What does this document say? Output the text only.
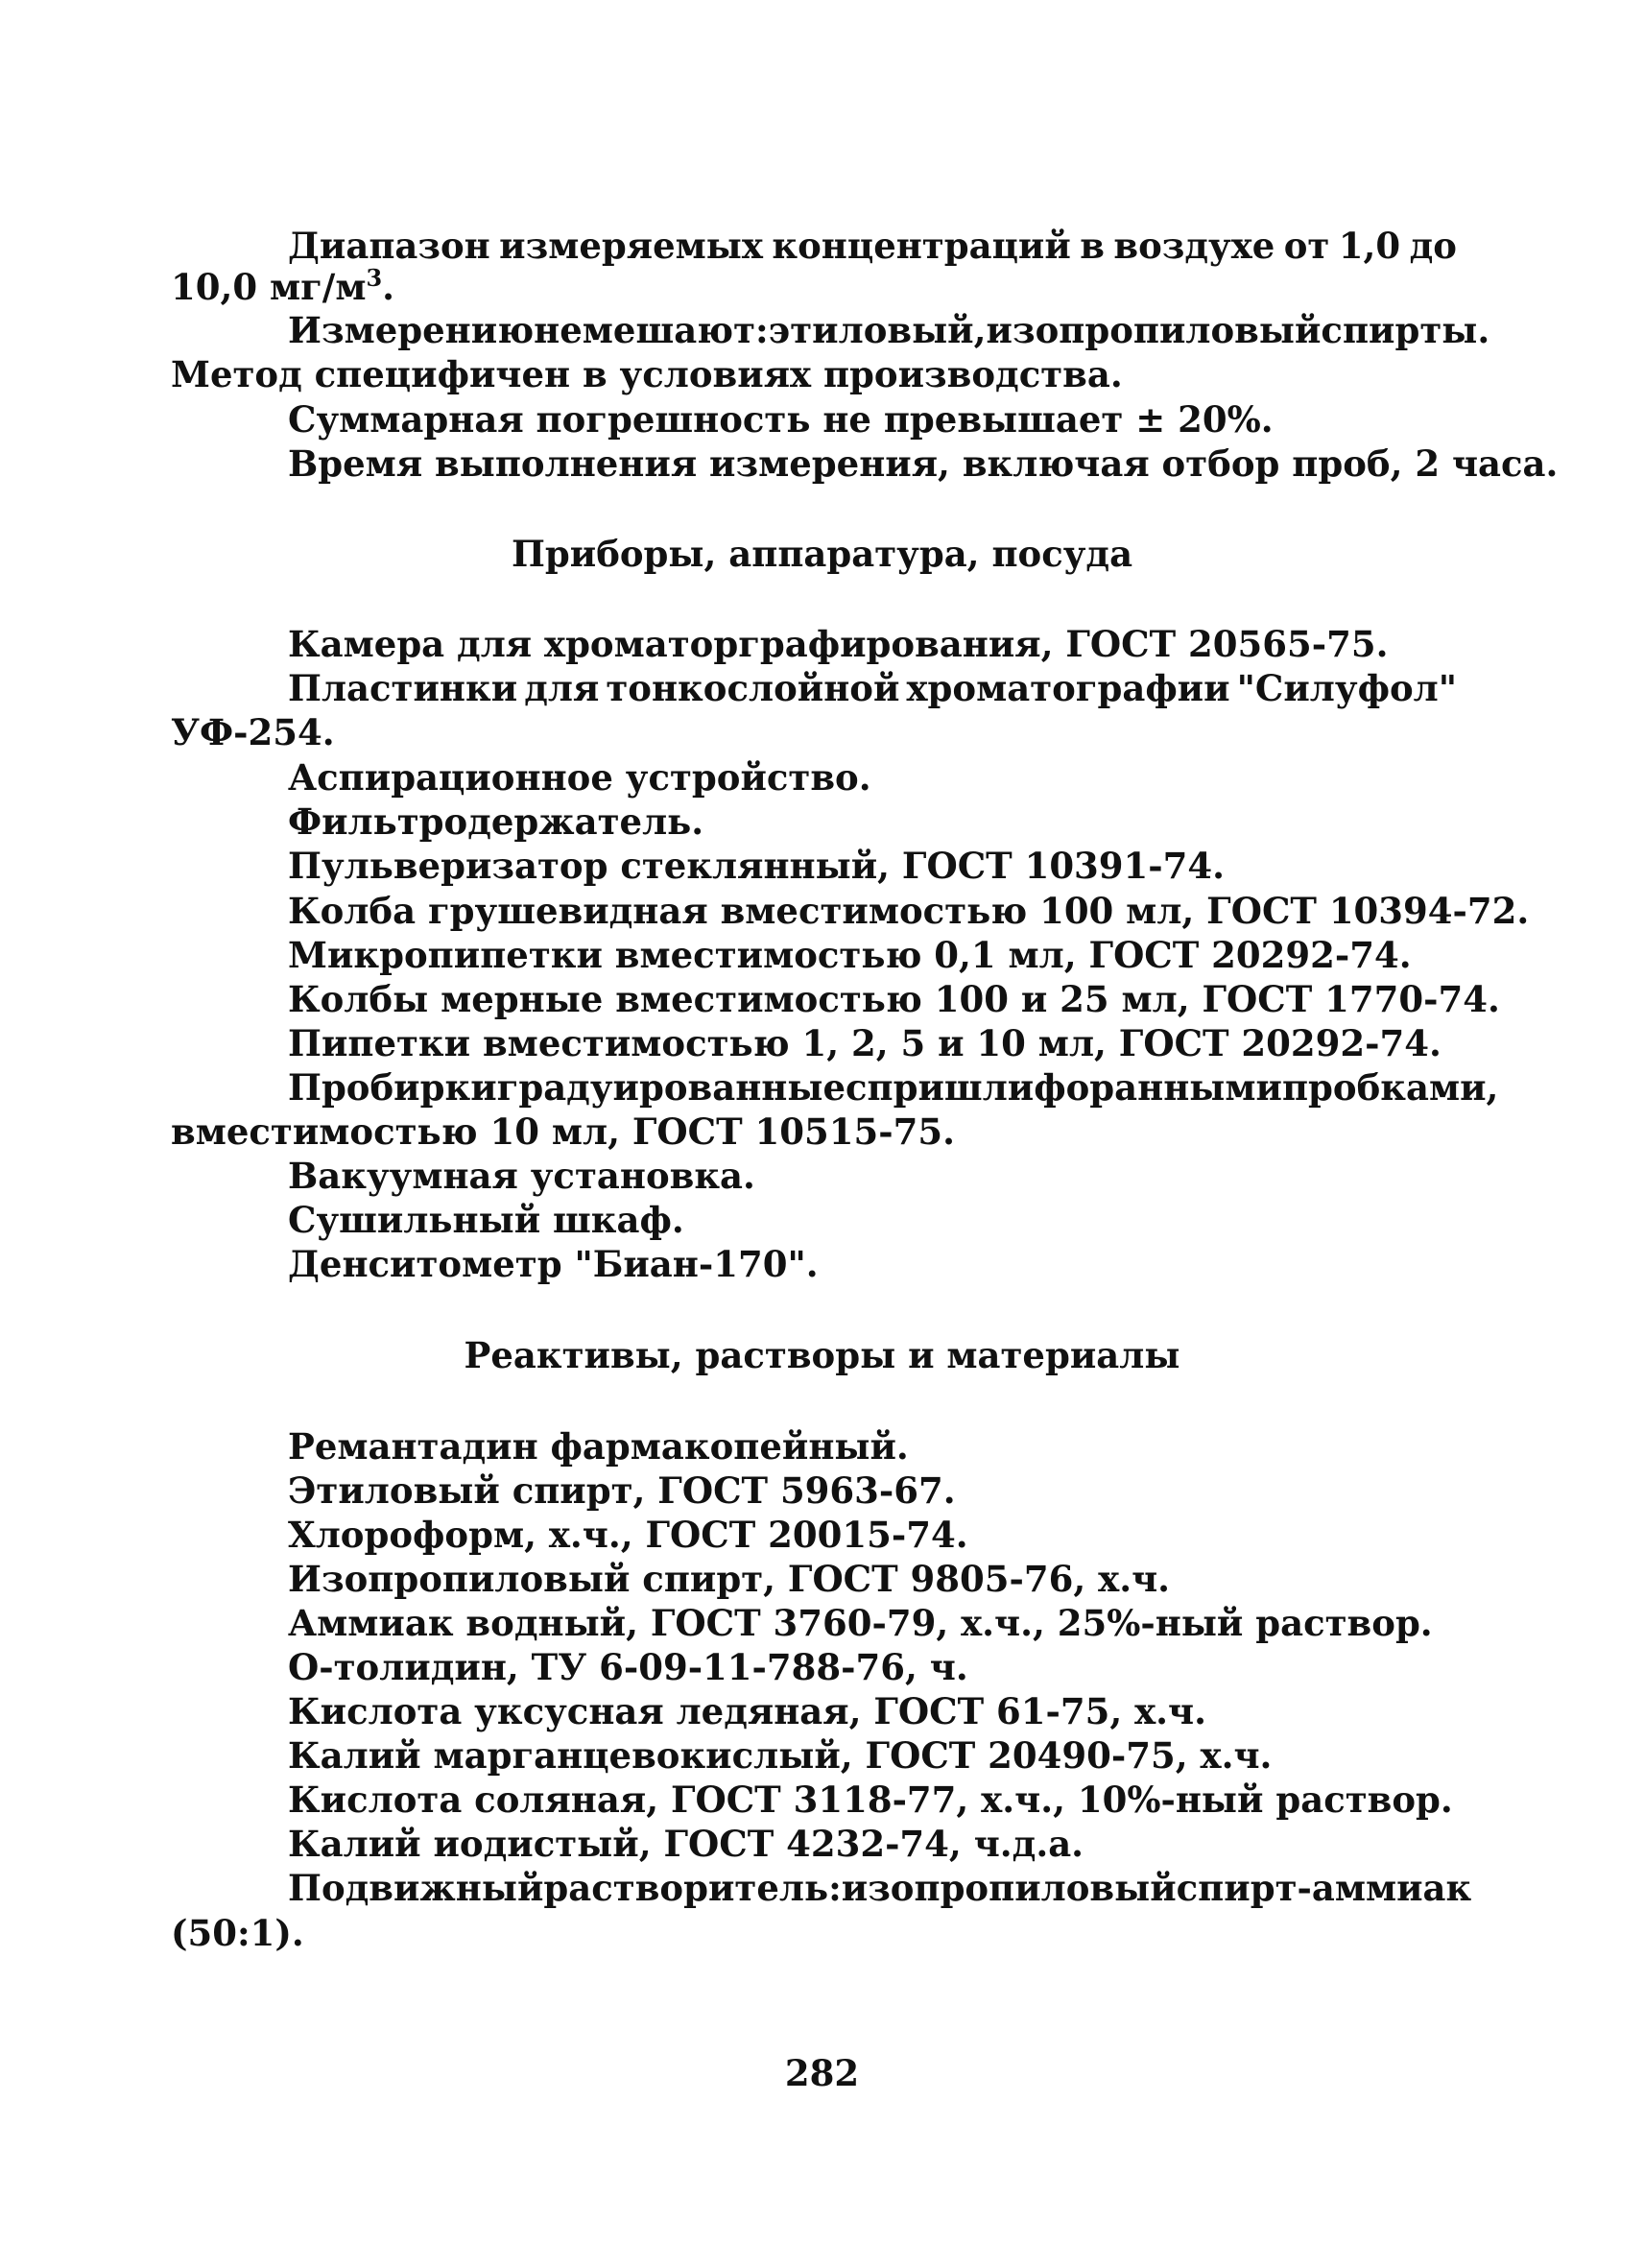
Диапазон измеряемых концентраций в воздухе от 1,0 до

10,0 $мг/м^3$.

Измерению не мешают: этиловый, изопропиловый спирты.

Метод специфичен в условиях производства.

Суммарная погрешность не превышает ± 20%.

Время выполнения измерения, включая отбор проб, 2 часа.

Приборы, аппаратура, посуда

Камера для хроматорграфирования, ГОСТ 20565-75.

Пластинки для тонкослойной хроматографии "Силуфол"

УФ-254.

Аспирационное устройство.

Фильтродержатель.

Пульверизатор стеклянный, ГОСТ 10391-74.

Колба грушевидная вместимостью 100 мл, ГОСТ 10394-72.

Микропипетки вместимостью 0,1 мл, ГОСТ 20292-74.

Колбы мерные вместимостью 100 и 25 мл, ГОСТ 1770-74.

Пипетки вместимостью 1, 2, 5 и 10 мл, ГОСТ 20292-74.

Пробирки градуированные с пришлифоранными пробками,

вместимостью 10 мл, ГОСТ 10515-75.

Вакуумная установка.

Сушильный шкаф.

Денситометр "Биан-170".

Реактивы, растворы и материалы

Ремантадин фармакопейный.

Этиловый спирт, ГОСТ 5963-67.

Хлороформ, х.ч., ГОСТ 20015-74.

Изопропиловый спирт, ГОСТ 9805-76, х.ч.

Аммиак водный, ГОСТ 3760-79, х.ч., 25%-ный раствор.

О-толидин, ТУ 6-09-11-788-76, ч.

Кислота уксусная ледяная, ГОСТ 61-75, х.ч.

Калий марганцевокислый, ГОСТ 20490-75, х.ч.

Кислота соляная, ГОСТ 3118-77, х.ч., 10%-ный раствор.

Калий иодистый, ГОСТ 4232-74, ч.д.а.

Подвижный растворитель: изопропиловый спирт-аммиак

(50:1).

282
